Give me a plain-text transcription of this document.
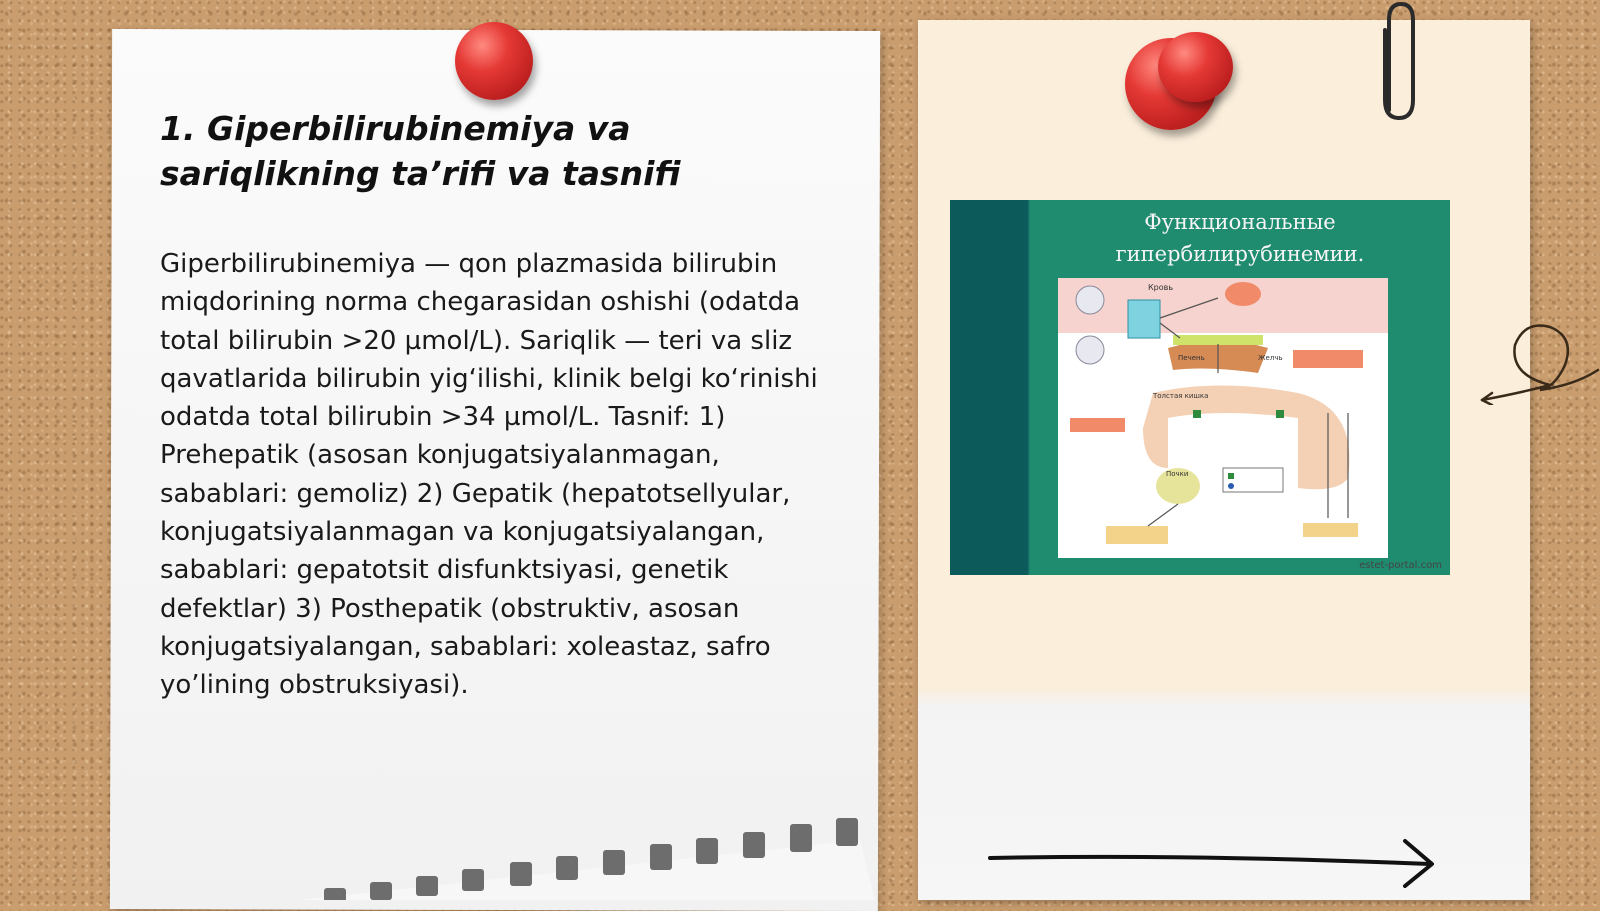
1. Giperbilirubinemiya va sariqlikning ta’rifi va tasnifi

Giperbilirubinemiya — qon plazmasida bilirubin miqdorining norma chegarasidan oshishi (odatda total bilirubin >20 µmol/L). Sariqlik — teri va sliz qavatlarida bilirubin yig‘ilishi, klinik belgi ko‘rinishi odatda total bilirubin >34 µmol/L. Tasnif: 1) Prehepatik (asosan konjugatsiyalanmagan, sabablari: gemoliz) 2) Gepatik (hepatotsellyular, konjugatsiyalanmagan va konjugatsiyalangan, sabablari: gepatotsit disfunktsiyasi, genetik defektlar) 3) Posthepatik (obstruktiv, asosan konjugatsiyalangan, sabablari: xoleastaz, safro yo’lining obstruksiyasi).

Функциональные
гипербилирубинемии.
Кровь
Печень	Желчь
Толстая кишка
Почки
estet-portal.com
